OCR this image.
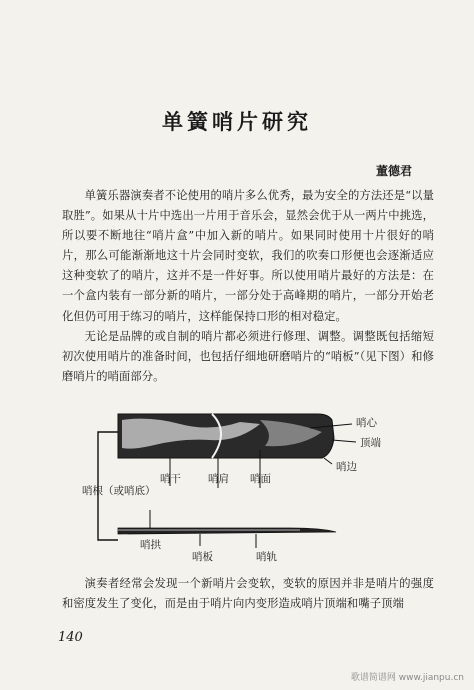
单簧哨片研究
董德君

单簧乐器演奏者不论使用的哨片多么优秀，最为安全的方法还是“以量取胜”。如果从十片中选出一片用于音乐会，显然会优于从一两片中挑选，所以要不断地往“哨片盒”中加入新的哨片。如果同时使用十片很好的哨片，那么可能渐渐地这十片会同时变软，我们的吹奏口形便也会逐渐适应这种变软了的哨片，这并不是一件好事。所以使用哨片最好的方法是：在一个盒内装有一部分新的哨片，一部分处于高峰期的哨片，一部分开始老化但仍可用于练习的哨片，这样能保持口形的相对稳定。

无论是品牌的或自制的哨片都必须进行修理、调整。调整既包括缩短初次使用哨片的准备时间，也包括仔细地研磨哨片的“哨板”（见下图）和修磨哨片的哨面部分。

哨心
顶端
哨边
哨干	哨肩 哨面
哨根（或哨底）
哨拱
哨板	哨轨

演奏者经常会发现一个新哨片会变软，变软的原因并非是哨片的强度和密度发生了变化，而是由于哨片向内变形造成哨片顶端和嘴子顶端

140
歌谱简谱网 www.jianpu.cn
